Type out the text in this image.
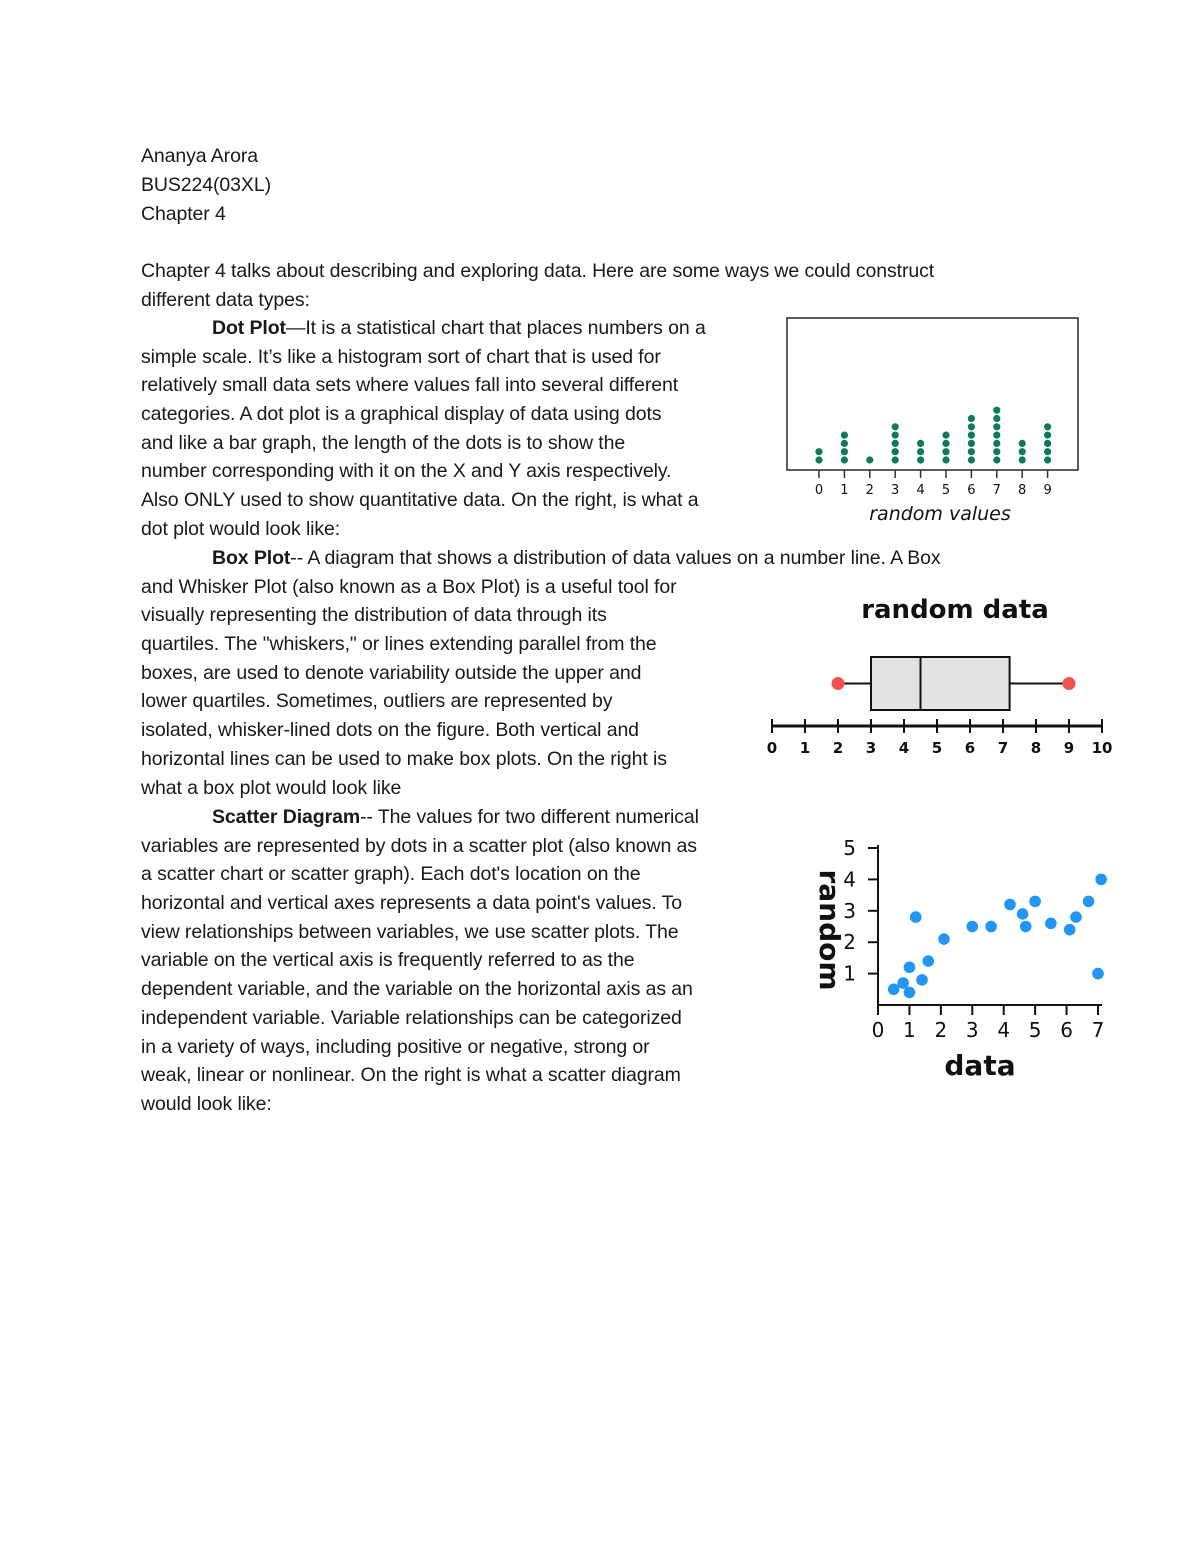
Ananya Arora
BUS224(03XL)
Chapter 4
Chapter 4 talks about describing and exploring data. Here are some ways we could construct
different data types:
Dot Plot—It is a statistical chart that places numbers on a
simple scale. It’s like a histogram sort of chart that is used for
relatively small data sets where values fall into several different
categories. A dot plot is a graphical display of data using dots
and like a bar graph, the length of the dots is to show the
number corresponding with it on the X and Y axis respectively.
Also ONLY used to show quantitative data. On the right, is what a
dot plot would look like:
Box Plot-- A diagram that shows a distribution of data values on a number line. A Box
and Whisker Plot (also known as a Box Plot) is a useful tool for
visually representing the distribution of data through its
quartiles. The "whiskers," or lines extending parallel from the
boxes, are used to denote variability outside the upper and
lower quartiles. Sometimes, outliers are represented by
isolated, whisker-lined dots on the figure. Both vertical and
horizontal lines can be used to make box plots. On the right is
what a box plot would look like
Scatter Diagram-- The values for two different numerical
variables are represented by dots in a scatter plot (also known as
a scatter chart or scatter graph). Each dot's location on the
horizontal and vertical axes represents a data point's values. To
view relationships between variables, we use scatter plots. The
variable on the vertical axis is frequently referred to as the
dependent variable, and the variable on the horizontal axis as an
independent variable. Variable relationships can be categorized
in a variety of ways, including positive or negative, strong or
weak, linear or nonlinear. On the right is what a scatter diagram
would look like:
0 1 2 3 4 5 6 7 8 9
random values
random data
0 1 2 3 4 5 6 7 8 9 10
0 1 2 3 4 5 6 7
1
2
3
4
5
data
random
